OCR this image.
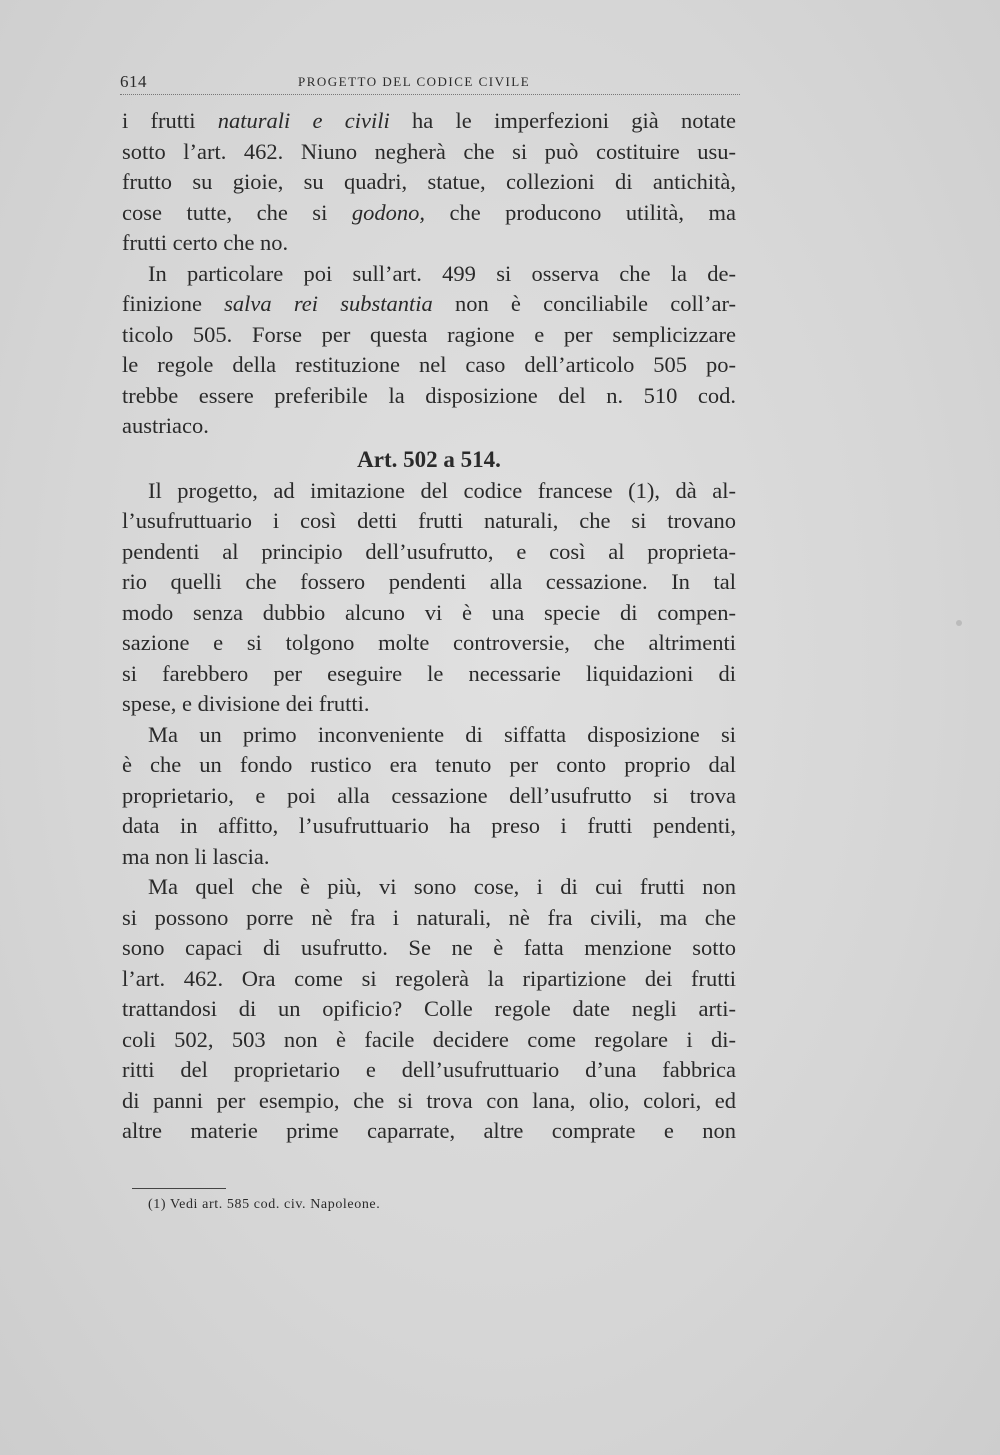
614	PROGETTO DEL CODICE CIVILE
i frutti naturali e civili ha le imperfezioni già notate
sotto l’art. 462. Niuno negherà che si può costituire usu-
frutto su gioie, su quadri, statue, collezioni di antichità,
cose tutte, che si godono, che producono utilità, ma
frutti certo che no.
In particolare poi sull’art. 499 si osserva che la de-
finizione salva rei substantia non è conciliabile coll’ar-
ticolo 505. Forse per questa ragione e per semplicizzare
le regole della restituzione nel caso dell’articolo 505 po-
trebbe essere preferibile la disposizione del n. 510 cod.
austriaco.
Art. 502 a 514.
Il progetto, ad imitazione del codice francese (1), dà al-
l’usufruttuario i così detti frutti naturali, che si trovano
pendenti al principio dell’usufrutto, e così al proprieta-
rio quelli che fossero pendenti alla cessazione. In tal
modo senza dubbio alcuno vi è una specie di compen-
sazione e si tolgono molte controversie, che altrimenti
si farebbero per eseguire le necessarie liquidazioni di
spese, e divisione dei frutti.
Ma un primo inconveniente di siffatta disposizione si
è che un fondo rustico era tenuto per conto proprio dal
proprietario, e poi alla cessazione dell’usufrutto si trova
data in affitto, l’usufruttuario ha preso i frutti pendenti,
ma non li lascia.
Ma quel che è più, vi sono cose, i di cui frutti non
si possono porre nè fra i naturali, nè fra civili, ma che
sono capaci di usufrutto. Se ne è fatta menzione sotto
l’art. 462. Ora come si regolerà la ripartizione dei frutti
trattandosi di un opificio? Colle regole date negli arti-
coli 502, 503 non è facile decidere come regolare i di-
ritti del proprietario e dell’usufruttuario d’una fabbrica
di panni per esempio, che si trova con lana, olio, colori, ed
altre materie prime caparrate, altre comprate e non
(1) Vedi art. 585 cod. civ. Napoleone.
